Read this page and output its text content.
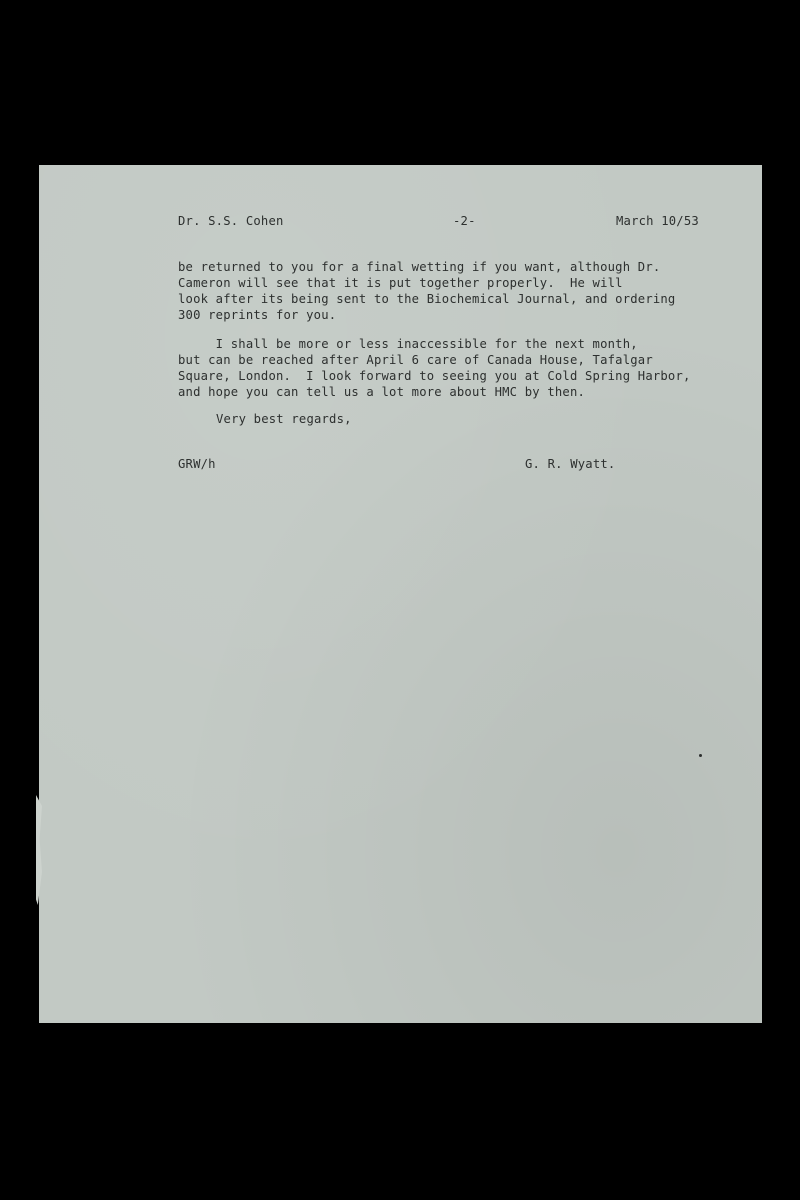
Dr. S.S. Cohen	-2-	March 10/53
be returned to you for a final wetting if you want, although Dr.
Cameron will see that it is put together properly.  He will
look after its being sent to the Biochemical Journal, and ordering
300 reprints for you.
I shall be more or less inaccessible for the next month,
but can be reached after April 6 care of Canada House, Tafalgar
Square, London.  I look forward to seeing you at Cold Spring Harbor,
and hope you can tell us a lot more about HMC by then.
Very best regards,
GRW/h	G. R. Wyatt.
